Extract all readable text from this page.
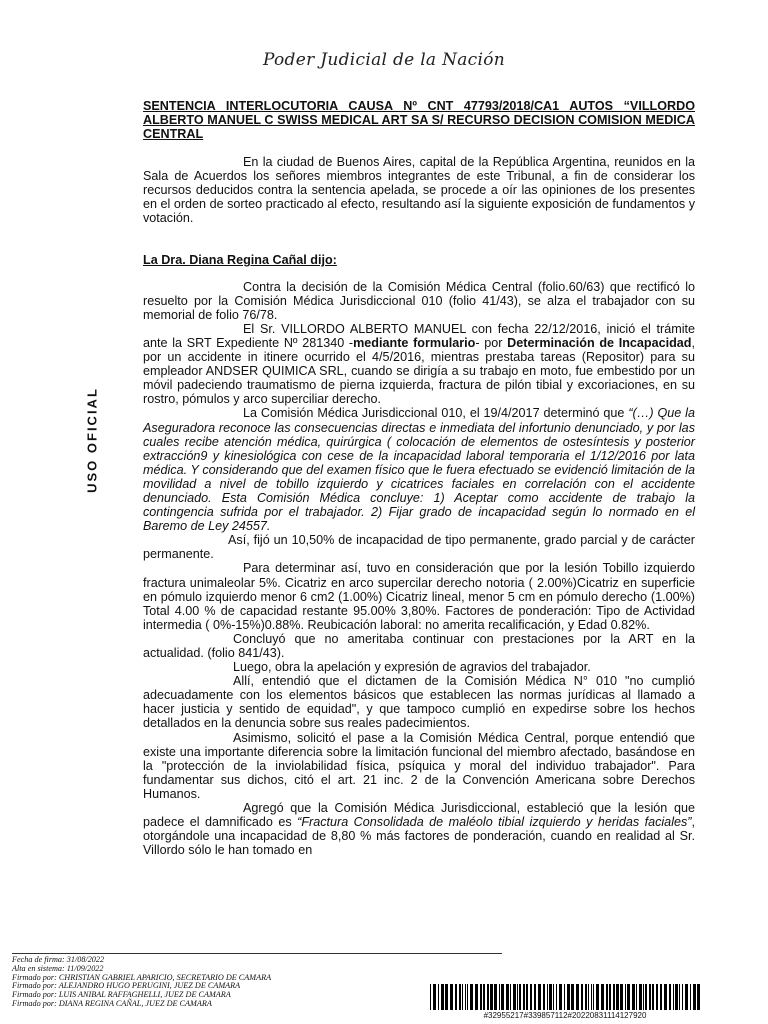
Poder Judicial de la Nación
USO OFICIAL
SENTENCIA INTERLOCUTORIA CAUSA Nº CNT 47793/2018/CA1 AUTOS “VILLORDO ALBERTO MANUEL C SWISS MEDICAL ART SA S/ RECURSO DECISION COMISION MEDICA CENTRAL

En la ciudad de Buenos Aires, capital de la República Argentina, reunidos en la Sala de Acuerdos los señores miembros integrantes de este Tribunal, a fin de considerar los recursos deducidos contra la sentencia apelada, se procede a oír las opiniones de los presentes en el orden de sorteo practicado al efecto, resultando así la siguiente exposición de fundamentos y votación.

La Dra. Diana Regina Cañal dijo:

Contra la decisión de la Comisión Médica Central (folio.60/63) que rectificó lo resuelto por la Comisión Médica Jurisdiccional 010 (folio 41/43), se alza el trabajador con su memorial de folio 76/78.

El Sr. VILLORDO ALBERTO MANUEL con fecha 22/12/2016, inició el trámite ante la SRT Expediente Nº 281340 -mediante formulario- por Determinación de Incapacidad, por un accidente in itinere ocurrido el 4/5/2016, mientras prestaba tareas (Repositor) para su empleador ANDSER QUIMICA SRL, cuando se dirigía a su trabajo en moto, fue embestido por un móvil padeciendo traumatismo de pierna izquierda, fractura de pilón tibial y excoriaciones, en su rostro, pómulos y arco superciliar derecho.

La Comisión Médica Jurisdiccional 010, el 19/4/2017 determinó que “(…) Que la Aseguradora reconoce las consecuencias directas e inmediata del infortunio denunciado, y por las cuales recibe atención médica, quirúrgica ( colocación de elementos de ostesíntesis y posterior extracción9 y kinesiológica con cese de la incapacidad laboral temporaria el 1/12/2016 por lata médica. Y considerando que del examen físico que le fuera efectuado se evidenció limitación de la movilidad a nivel de tobillo izquierdo y cicatrices faciales en correlación con el accidente denunciado. Esta Comisión Médica concluye: 1) Aceptar como accidente de trabajo la contingencia sufrida por el trabajador. 2) Fijar grado de incapacidad según lo normado en el Baremo de Ley 24557.

Así, fijó un 10,50% de incapacidad de tipo permanente, grado parcial y de carácter permanente.

Para determinar así, tuvo en consideración que por la lesión Tobillo izquierdo fractura unimaleolar 5%. Cicatriz en arco supercilar derecho notoria ( 2.00%)Cicatriz en superficie en pómulo izquierdo menor 6 cm2 (1.00%) Cicatriz lineal, menor 5 cm en pómulo derecho (1.00%) Total 4.00 % de capacidad restante 95.00% 3,80%. Factores de ponderación: Tipo de Actividad intermedia ( 0%-15%)0.88%. Reubicación laboral: no amerita recalificación, y Edad 0.82%.

Concluyó que no ameritaba continuar con prestaciones por la ART en la actualidad. (folio 841/43).

Luego, obra la apelación y expresión de agravios del trabajador.

Allí, entendió que el dictamen de la Comisión Médica N° 010 "no cumplió adecuadamente con los elementos básicos que establecen las normas jurídicas al llamado a hacer justicia y sentido de equidad", y que tampoco cumplió en expedirse sobre los hechos detallados en la denuncia sobre sus reales padecimientos.

Asimismo, solicitó el pase a la Comisión Médica Central, porque entendió que existe una importante diferencia sobre la limitación funcional del miembro afectado, basándose en la "protección de la inviolabilidad física, psíquica y moral del individuo trabajador". Para fundamentar sus dichos, citó el art. 21 inc. 2 de la Convención Americana sobre Derechos Humanos.

Agregó que la Comisión Médica Jurisdiccional, estableció que la lesión que padece el damnificado es “Fractura Consolidada de maléolo tibial izquierdo y heridas faciales”, otorgándole una incapacidad de 8,80 % más factores de ponderación, cuando en realidad al Sr. Villordo sólo le han tomado en

Fecha de firma: 31/08/2022
Alta en sistema: 11/09/2022
Firmado por: CHRISTIAN GABRIEL APARICIO, SECRETARIO DE CAMARA
Firmado por: ALEJANDRO HUGO PERUGINI, JUEZ DE CAMARA
Firmado por: LUIS ANIBAL RAFFAGHELLI, JUEZ DE CAMARA
Firmado por: DIANA REGINA CAÑAL, JUEZ DE CAMARA
#32955217#339857112#20220831114127920
